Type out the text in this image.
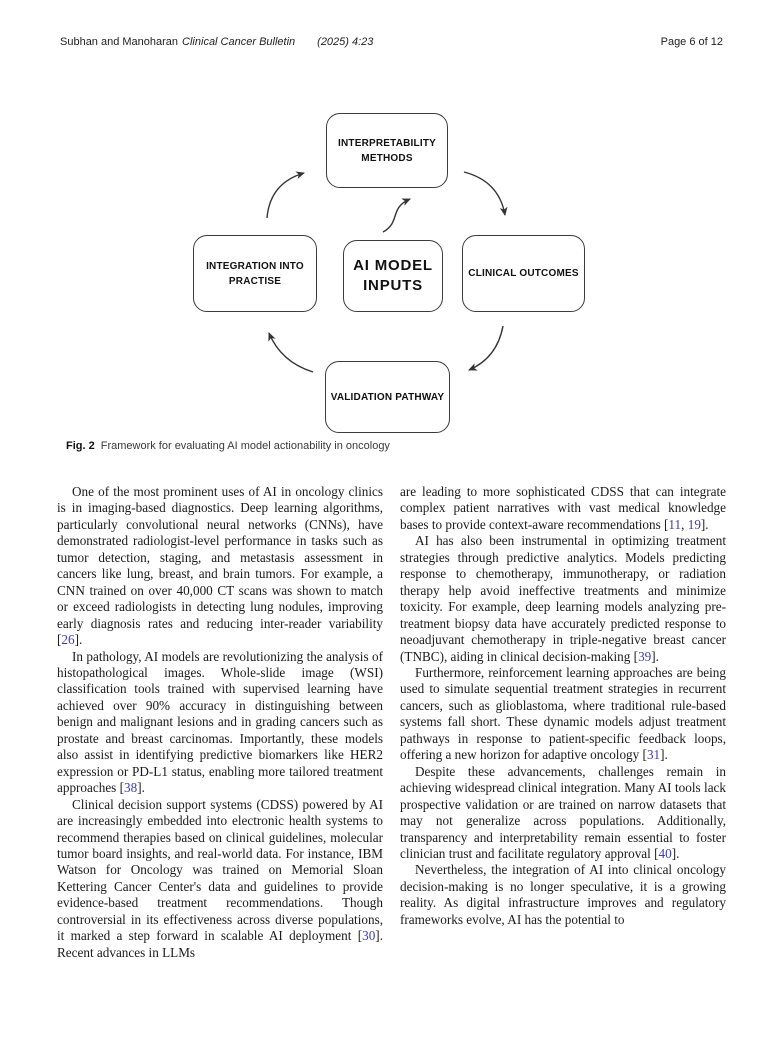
Subhan and Manoharan Clinical Cancer Bulletin (2025) 4:23	Page 6 of 12
INTERPRETABILITY METHODS
INTEGRATION INTO PRACTISE
AI MODEL INPUTS
CLINICAL OUTCOMES
VALIDATION PATHWAY
Fig. 2 Framework for evaluating AI model actionability in oncology

One of the most prominent uses of AI in oncology clinics is in imaging-based diagnostics. Deep learning algorithms, particularly convolutional neural networks (CNNs), have demonstrated radiologist-level performance in tasks such as tumor detection, staging, and metastasis assessment in cancers like lung, breast, and brain tumors. For example, a CNN trained on over 40,000 CT scans was shown to match or exceed radiologists in detecting lung nodules, improving early diagnosis rates and reducing inter-reader variability [26].

In pathology, AI models are revolutionizing the analysis of histopathological images. Whole-slide image (WSI) classification tools trained with supervised learning have achieved over 90% accuracy in distinguishing between benign and malignant lesions and in grading cancers such as prostate and breast carcinomas. Importantly, these models also assist in identifying predictive biomarkers like HER2 expression or PD-L1 status, enabling more tailored treatment approaches [38].

Clinical decision support systems (CDSS) powered by AI are increasingly embedded into electronic health systems to recommend therapies based on clinical guidelines, molecular tumor board insights, and real-world data. For instance, IBM Watson for Oncology was trained on Memorial Sloan Kettering Cancer Center's data and guidelines to provide evidence-based treatment recommendations. Though controversial in its effectiveness across diverse populations, it marked a step forward in scalable AI deployment [30]. Recent advances in LLMs

are leading to more sophisticated CDSS that can integrate complex patient narratives with vast medical knowledge bases to provide context-aware recommendations [11, 19].

AI has also been instrumental in optimizing treatment strategies through predictive analytics. Models predicting response to chemotherapy, immunotherapy, or radiation therapy help avoid ineffective treatments and minimize toxicity. For example, deep learning models analyzing pre-treatment biopsy data have accurately predicted response to neoadjuvant chemotherapy in triple-negative breast cancer (TNBC), aiding in clinical decision-making [39].

Furthermore, reinforcement learning approaches are being used to simulate sequential treatment strategies in recurrent cancers, such as glioblastoma, where traditional rule-based systems fall short. These dynamic models adjust treatment pathways in response to patient-specific feedback loops, offering a new horizon for adaptive oncology [31].

Despite these advancements, challenges remain in achieving widespread clinical integration. Many AI tools lack prospective validation or are trained on narrow datasets that may not generalize across populations. Additionally, transparency and interpretability remain essential to foster clinician trust and facilitate regulatory approval [40].

Nevertheless, the integration of AI into clinical oncology decision-making is no longer speculative, it is a growing reality. As digital infrastructure improves and regulatory frameworks evolve, AI has the potential to
